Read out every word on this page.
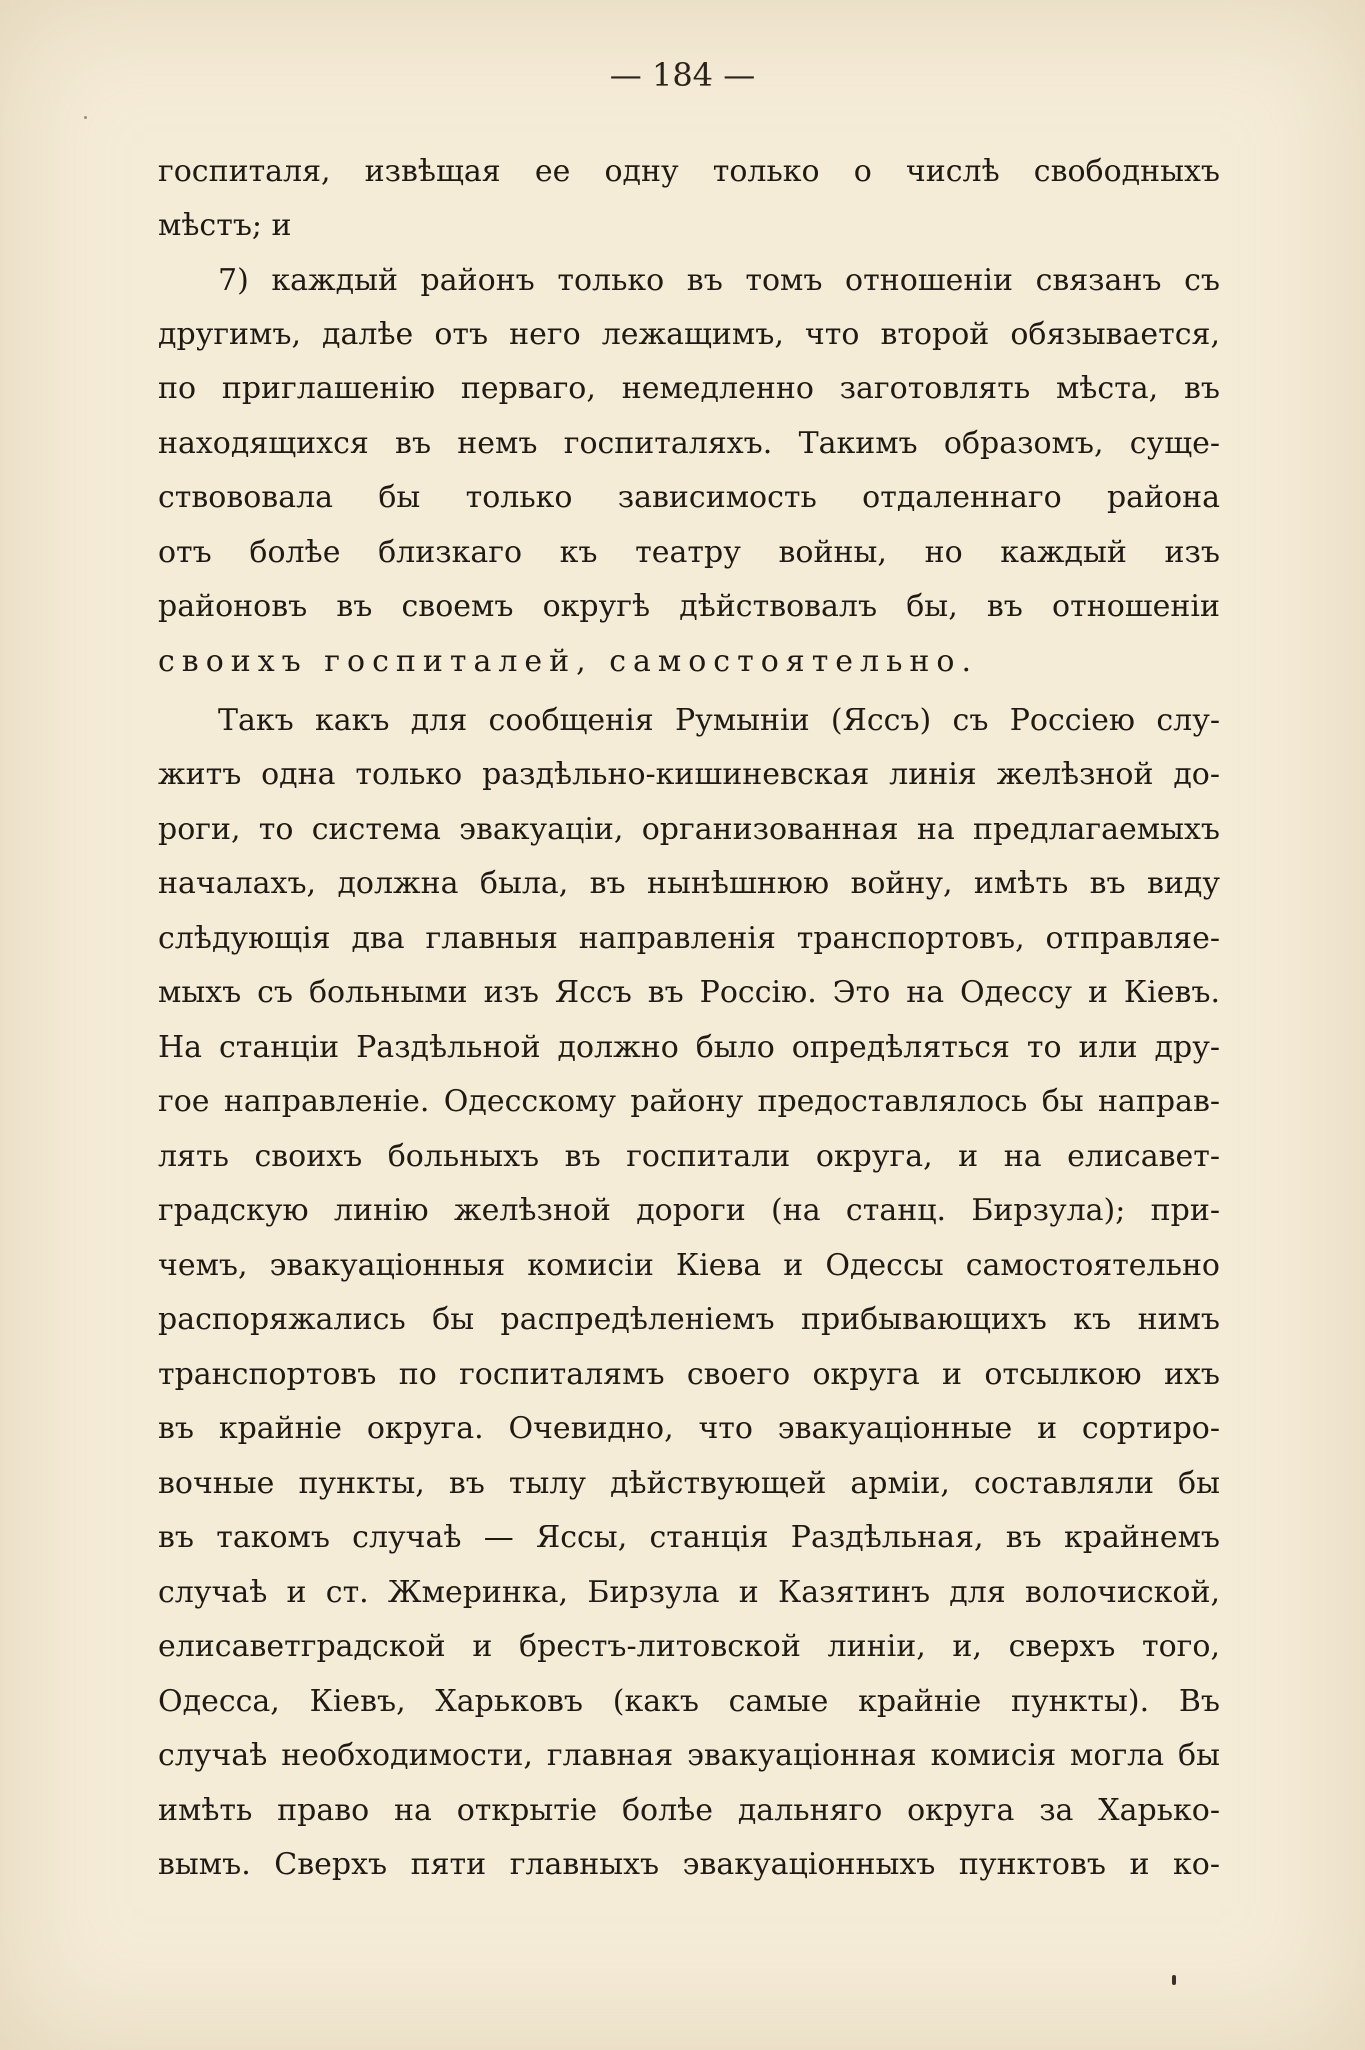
— 184 —
госпиталя, извѣщая ее одну только о числѣ свободныхъ
мѣстъ; и
7) каждый районъ только въ томъ отношеніи связанъ съ
другимъ, далѣе отъ него лежащимъ, что второй обязывается,
по приглашенію перваго, немедленно заготовлять мѣста, въ
находящихся въ немъ госпиталяхъ. Такимъ образомъ, суще-
ствововала бы только зависимость отдаленнаго района
отъ болѣе близкаго къ театру войны, но каждый изъ
районовъ въ своемъ округѣ дѣйствовалъ бы, въ отношеніи
своихъ госпиталей, самостоятельно.
Такъ какъ для сообщенія Румыніи (Яссъ) съ Россіею слу-
житъ одна только раздѣльно-кишиневская линія желѣзной до-
роги, то система эвакуаціи, организованная на предлагаемыхъ
началахъ, должна была, въ нынѣшнюю войну, имѣть въ виду
слѣдующія два главныя направленія транспортовъ, отправляе-
мыхъ съ больными изъ Яссъ въ Россію. Это на Одессу и Кіевъ.
На станціи Раздѣльной должно было опредѣляться то или дру-
гое направленіе. Одесскому району предоставлялось бы направ-
лять своихъ больныхъ въ госпитали округа, и на елисавет-
градскую линію желѣзной дороги (на станц. Бирзула); при-
чемъ, эвакуаціонныя комисіи Кіева и Одессы самостоятельно
распоряжались бы распредѣленіемъ прибывающихъ къ нимъ
транспортовъ по госпиталямъ своего округа и отсылкою ихъ
въ крайніе округа. Очевидно, что эвакуаціонные и сортиро-
вочные пункты, въ тылу дѣйствующей арміи, составляли бы
въ такомъ случаѣ — Яссы, станція Раздѣльная, въ крайнемъ
случаѣ и ст. Жмеринка, Бирзула и Казятинъ для волочиской,
елисаветградской и брестъ-литовской линіи, и, сверхъ того,
Одесса, Кіевъ, Харьковъ (какъ самые крайніе пункты). Въ
случаѣ необходимости, главная эвакуаціонная комисія могла бы
имѣть право на открытіе болѣе дальняго округа за Харько-
вымъ. Сверхъ пяти главныхъ эвакуаціонныхъ пунктовъ и ко-
